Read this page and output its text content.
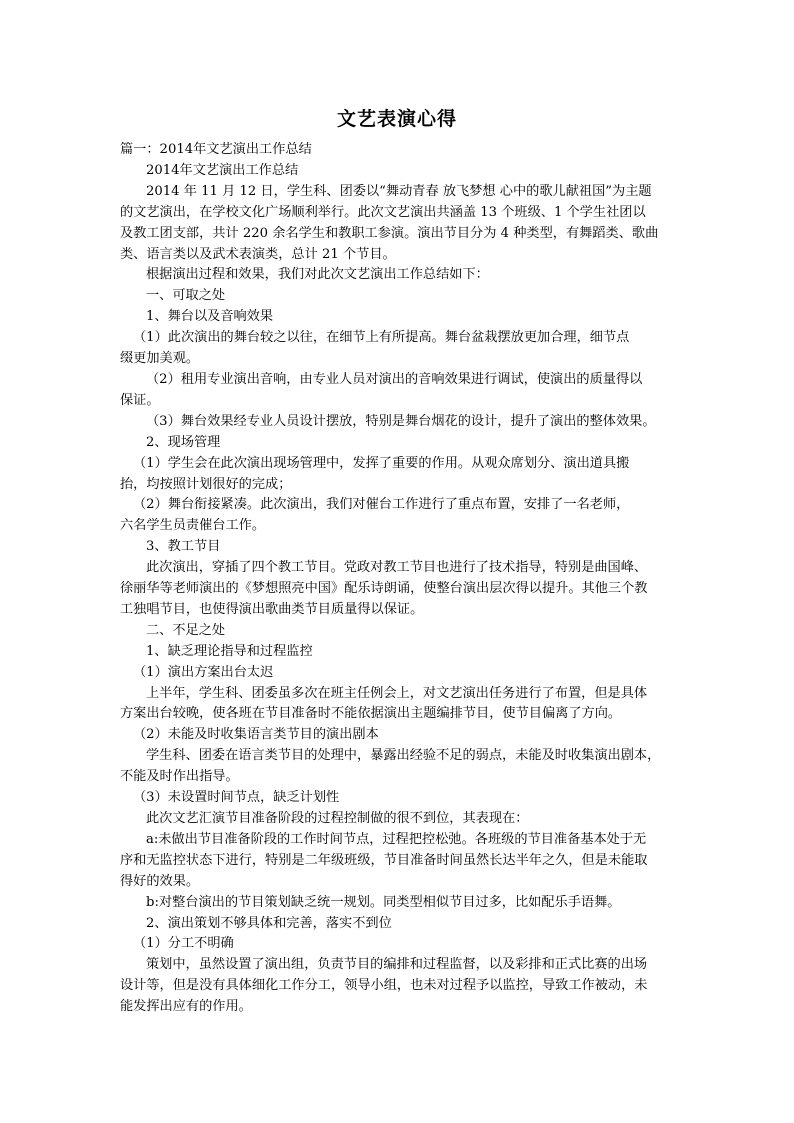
文艺表演心得
篇一：2014年文艺演出工作总结
2014年文艺演出工作总结
2014 年 11 月 12 日，学生科、团委以“舞动青春 放飞梦想 心中的歌儿献祖国”为主题
的文艺演出，在学校文化广场顺利举行。此次文艺演出共涵盖 13 个班级、1 个学生社团以
及教工团支部，共计 220 余名学生和教职工参演。演出节目分为 4 种类型，有舞蹈类、歌曲
类、语言类以及武术表演类，总计 21 个节目。
根据演出过程和效果，我们对此次文艺演出工作总结如下：
一、可取之处
1、舞台以及音响效果
（1）此次演出的舞台较之以往，在细节上有所提高。舞台盆栽摆放更加合理，细节点
缀更加美观。
（2）租用专业演出音响，由专业人员对演出的音响效果进行调试，使演出的质量得以
保证。
（3）舞台效果经专业人员设计摆放，特别是舞台烟花的设计，提升了演出的整体效果。
2、现场管理
（1）学生会在此次演出现场管理中，发挥了重要的作用。从观众席划分、演出道具搬
抬，均按照计划很好的完成；
（2）舞台衔接紧凑。此次演出，我们对催台工作进行了重点布置，安排了一名老师，
六名学生员责催台工作。
3、教工节目
此次演出，穿插了四个教工节目。党政对教工节目也进行了技术指导，特别是曲国峰、
徐丽华等老师演出的《梦想照亮中国》配乐诗朗诵，使整台演出层次得以提升。其他三个教
工独唱节目，也使得演出歌曲类节目质量得以保证。
二、不足之处
1、缺乏理论指导和过程监控
（1）演出方案出台太迟
上半年，学生科、团委虽多次在班主任例会上，对文艺演出任务进行了布置，但是具体
方案出台较晚，使各班在节目准备时不能依据演出主题编排节目，使节目偏离了方向。
（2）未能及时收集语言类节目的演出剧本
学生科、团委在语言类节目的处理中，暴露出经验不足的弱点，未能及时收集演出剧本，
不能及时作出指导。
（3）未设置时间节点，缺乏计划性
此次文艺汇演节目准备阶段的过程控制做的很不到位，其表现在：
a:未做出节目准备阶段的工作时间节点，过程把控松弛。各班级的节目准备基本处于无
序和无监控状态下进行，特别是二年级班级，节目准备时间虽然长达半年之久，但是未能取
得好的效果。
b:对整台演出的节目策划缺乏统一规划。同类型相似节目过多，比如配乐手语舞。
2、演出策划不够具体和完善，落实不到位
（1）分工不明确
策划中，虽然设置了演出组，负责节目的编排和过程监督，以及彩排和正式比赛的出场
设计等，但是没有具体细化工作分工，领导小组，也未对过程予以监控，导致工作被动，未
能发挥出应有的作用。
